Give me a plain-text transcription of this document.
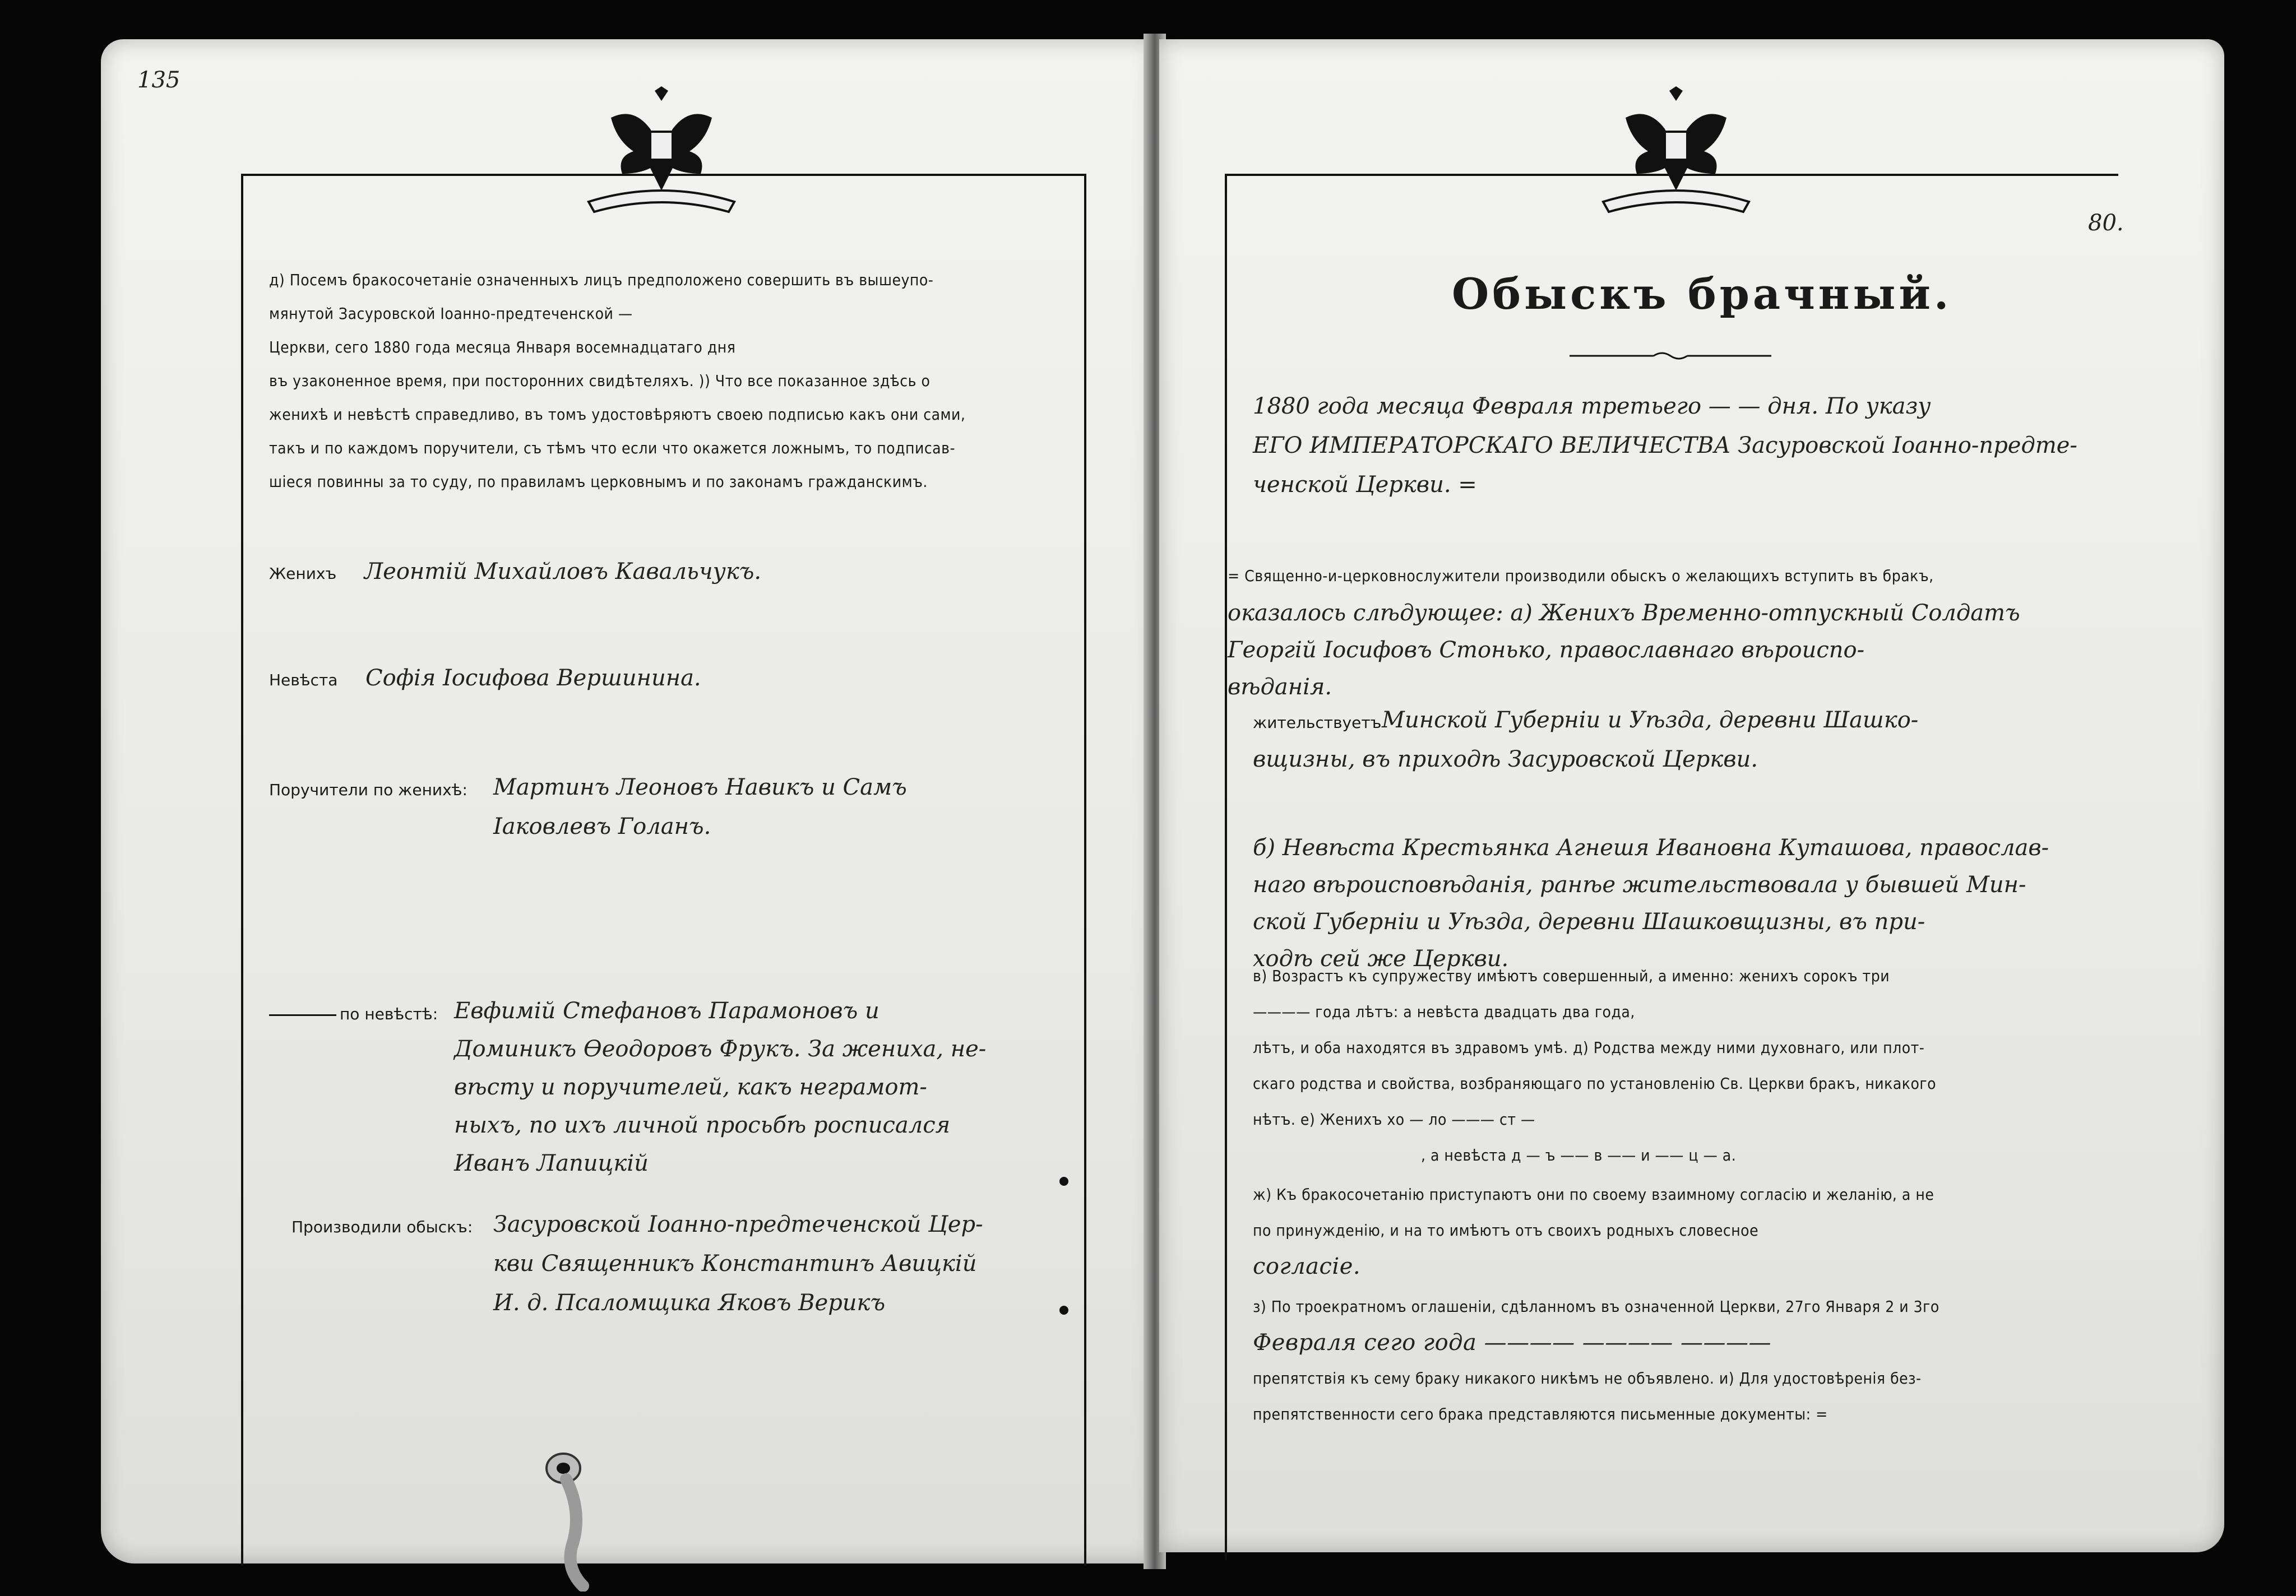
135
80.
д) Посемъ бракосочетаніе означенныхъ лицъ предположено совершить въ вышеупо-
мянутой Засуровской Іоанно-предтеченской —
Церкви, сего 1880 года месяца Января восемнадцатаго дня
въ узаконенное время, при посторонних свидѣтеляхъ. )) Что все показанное здѣсь о
женихѣ и невѣстѣ справедливо, въ томъ удостовѣряютъ своею подписью какъ они сами,
такъ и по каждомъ поручители, съ тѣмъ что если что окажется ложнымъ, то подписав-
шіеся повинны за то суду, по правиламъ церковнымъ и по законамъ гражданскимъ.
Женихъ Леонтій Михайловъ Кавальчукъ.
Невѣста Софія Іосифова Вершинина.
Поручители по женихѣ: Мартинъ Леоновъ Навикъ и Самъ
Іаковлевъ Голанъ.
по невѣстѣ: Евфимій Стефановъ Парамоновъ и
Доминикъ Өеодоровъ Фрукъ. За жениха, не-
вѣсту и поручителей, какъ неграмот-
ныхъ, по ихъ личной просьбѣ росписался
Иванъ Лапицкій
Производили обыскъ: Засуровской Іоанно-предтеченской Цер-
кви Священникъ Константинъ Авицкій
И. д. Псаломщика Яковъ Верикъ
Обыскъ брачный.
1880 года месяца Февраля третьего — — дня. По указу
ЕГО ИМПЕРАТОРСКАГО ВЕЛИЧЕСТВА Засуровской Іоанно-предте-
ченской Церкви. =
= Священно-и-церковнослужители производили обыскъ о желающихъ вступить въ бракъ,
оказалось слѣдующее: а) Женихъ Временно-отпускный Солдатъ
Георгій Іосифовъ Стонько, православнаго вѣроиспо-
вѣданія.
жительствуетъ Минской Губерніи и Уѣзда, деревни Шашко-
вщизны, въ приходѣ Засуровской Церкви.
б) Невѣста Крестьянка Агнешя Ивановна Куташова, православ-
наго вѣроисповѣданія, ранѣе жительствовала у бывшей Мин-
ской Губерніи и Уѣзда, деревни Шашковщизны, въ при-
ходѣ сей же Церкви.
в) Возрастъ къ супружеству имѣютъ совершенный, а именно: женихъ сорокъ три
———— года лѣтъ: а невѣста двадцать два года,
лѣтъ, и оба находятся въ здравомъ умѣ. д) Родства между ними духовнаго, или плот-
скаго родства и свойства, возбраняющаго по установленію Св. Церкви бракъ, никакого
нѣтъ. е) Женихъ хо — ло ——— ст —
, а невѣста д — ъ —— в —— и —— ц — а.
ж) Къ бракосочетанію приступаютъ они по своему взаимному согласію и желанію, а не
по принужденію, и на то имѣютъ отъ своихъ родныхъ словесное
согласіе.
з) По троекратномъ оглашеніи, сдѣланномъ въ означенной Церкви, 27го Января 2 и 3го
Февраля сего года ———— ———— ————
препятствія къ сему браку никакого никѣмъ не объявлено. и) Для удостовѣренія без-
препятственности сего брака представляются письменные документы: =
